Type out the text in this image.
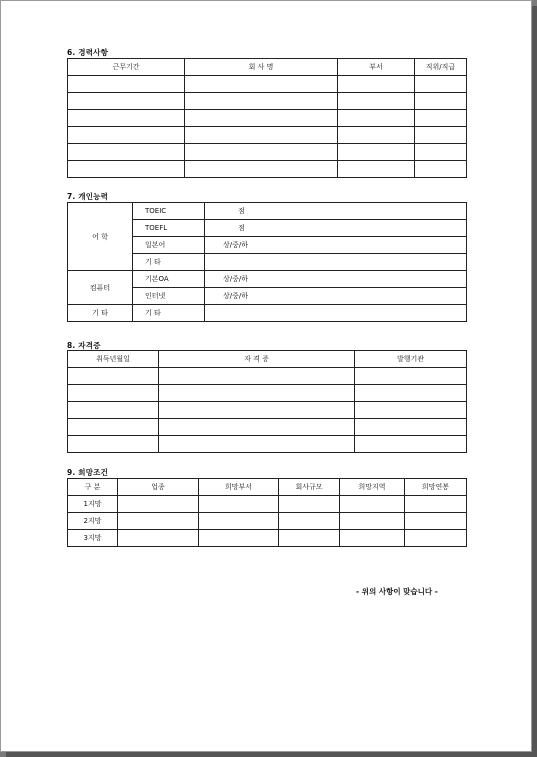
6. 경력사항
근무기간	회 사 명	부서	직위/직급

7. 개인능력
어 학	TOEIC	점
	TOEFL	점
	일본어	상/중/하
	기 타	
컴퓨터	기본OA	상/중/하
	인터넷	상/중/하
기 타	기 타	
8. 자격증
취득년월일	자 격 증	발행기관

9. 희망조건
구 분	업종	희망부서	회사규모	희망지역	희망연봉
1지망					
2지망					
3지망					
- 위의 사항이 맞습니다 -
